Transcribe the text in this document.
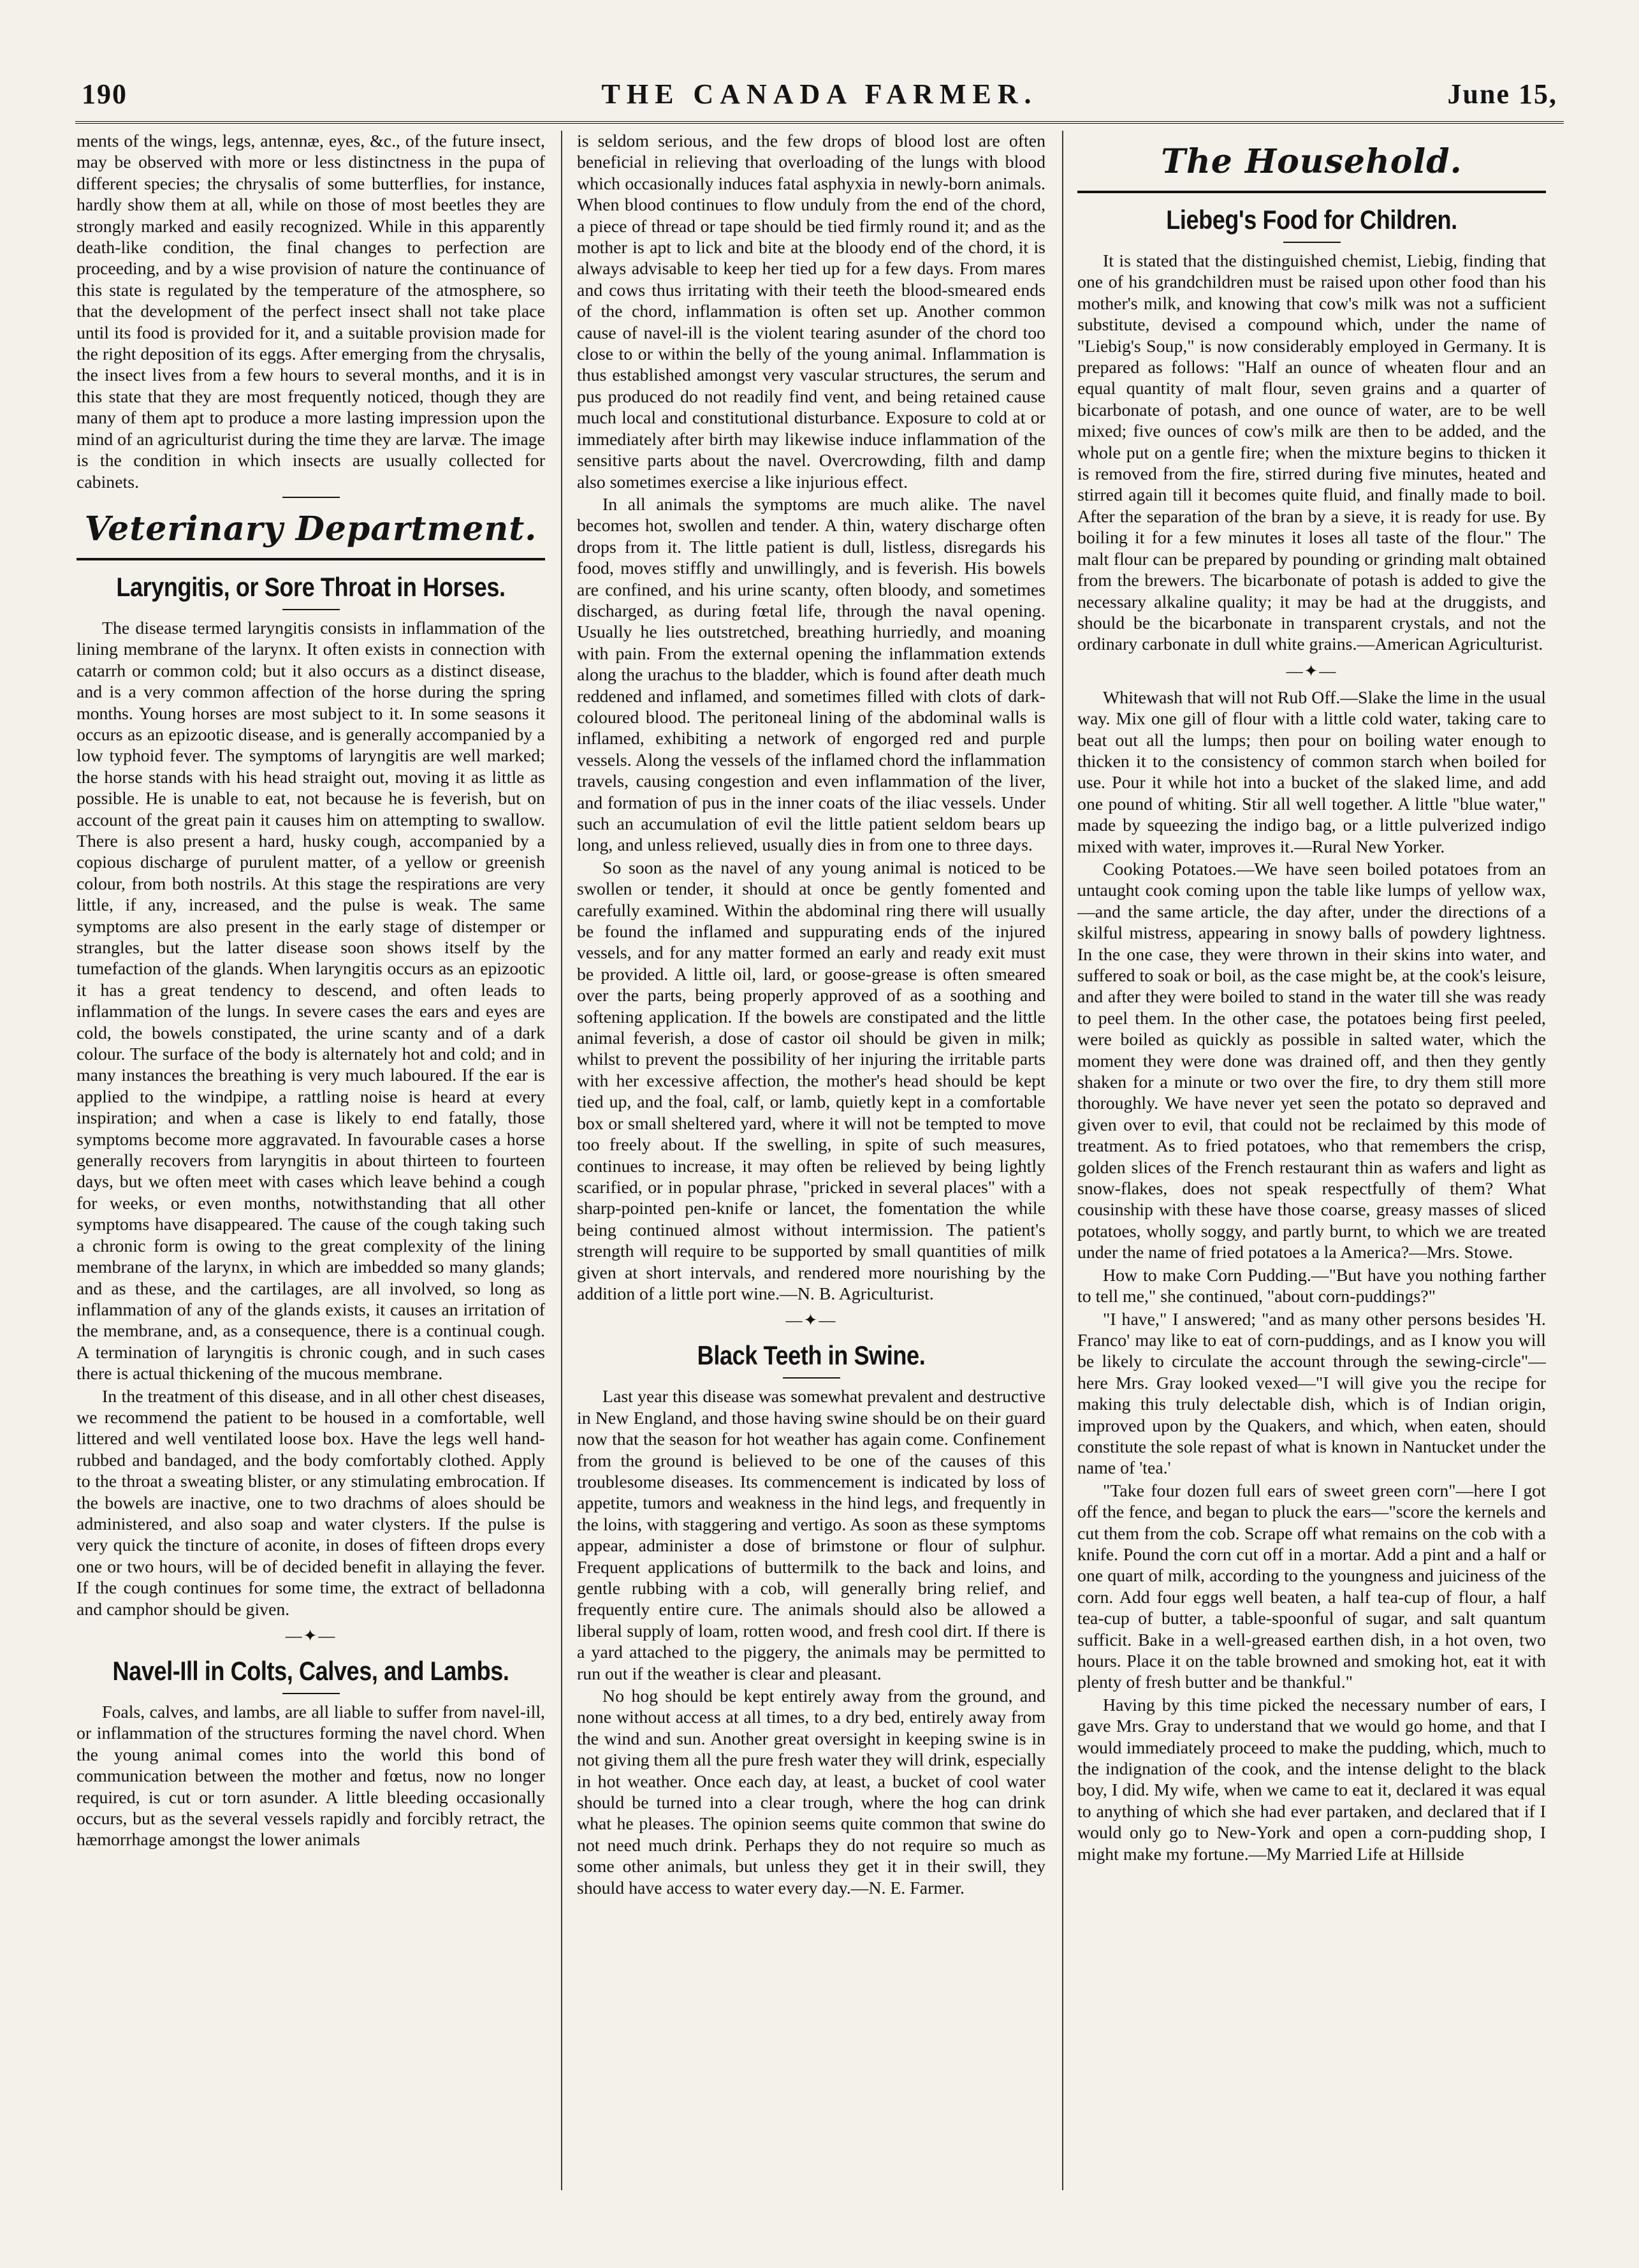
THE CANADA FARMER.
190	June 15,

ments of the wings, legs, antennæ, eyes, &c., of the future insect, may be observed with more or less distinctness in the pupa of different species; the chrysalis of some butterflies, for instance, hardly show them at all, while on those of most beetles they are strongly marked and easily recognized. While in this apparently death-like condition, the final changes to perfection are proceeding, and by a wise provision of nature the continuance of this state is regulated by the temperature of the atmosphere, so that the development of the perfect insect shall not take place until its food is provided for it, and a suitable provision made for the right deposition of its eggs. After emerging from the chrysalis, the insect lives from a few hours to several months, and it is in this state that they are most frequently noticed, though they are many of them apt to produce a more lasting impression upon the mind of an agriculturist during the time they are larvæ. The image is the condition in which insects are usually collected for cabinets.

Veterinary Department.
Laryngitis, or Sore Throat in Horses.

The disease termed laryngitis consists in inflammation of the lining membrane of the larynx. It often exists in connection with catarrh or common cold; but it also occurs as a distinct disease, and is a very common affection of the horse during the spring months. Young horses are most subject to it. In some seasons it occurs as an epizootic disease, and is generally accompanied by a low typhoid fever. The symptoms of laryngitis are well marked; the horse stands with his head straight out, moving it as little as possible. He is unable to eat, not because he is feverish, but on account of the great pain it causes him on attempting to swallow. There is also present a hard, husky cough, accompanied by a copious discharge of purulent matter, of a yellow or greenish colour, from both nostrils. At this stage the respirations are very little, if any, increased, and the pulse is weak. The same symptoms are also present in the early stage of distemper or strangles, but the latter disease soon shows itself by the tumefaction of the glands. When laryngitis occurs as an epizootic it has a great tendency to descend, and often leads to inflammation of the lungs. In severe cases the ears and eyes are cold, the bowels constipated, the urine scanty and of a dark colour. The surface of the body is alternately hot and cold; and in many instances the breathing is very much laboured. If the ear is applied to the windpipe, a rattling noise is heard at every inspiration; and when a case is likely to end fatally, those symptoms become more aggravated. In favourable cases a horse generally recovers from laryngitis in about thirteen to fourteen days, but we often meet with cases which leave behind a cough for weeks, or even months, notwithstanding that all other symptoms have disappeared. The cause of the cough taking such a chronic form is owing to the great complexity of the lining membrane of the larynx, in which are imbedded so many glands; and as these, and the cartilages, are all involved, so long as inflammation of any of the glands exists, it causes an irritation of the membrane, and, as a consequence, there is a continual cough. A termination of laryngitis is chronic cough, and in such cases there is actual thickening of the mucous membrane.

In the treatment of this disease, and in all other chest diseases, we recommend the patient to be housed in a comfortable, well littered and well ventilated loose box. Have the legs well hand-rubbed and bandaged, and the body comfortably clothed. Apply to the throat a sweating blister, or any stimulating embrocation. If the bowels are inactive, one to two drachms of aloes should be administered, and also soap and water clysters. If the pulse is very quick the tincture of aconite, in doses of fifteen drops every one or two hours, will be of decided benefit in allaying the fever. If the cough continues for some time, the extract of belladonna and camphor should be given.

—✦—
Navel-Ill in Colts, Calves, and Lambs.

Foals, calves, and lambs, are all liable to suffer from navel-ill, or inflammation of the structures forming the navel chord. When the young animal comes into the world this bond of communication between the mother and fœtus, now no longer required, is cut or torn asunder. A little bleeding occasionally occurs, but as the several vessels rapidly and forcibly retract, the hæmorrhage amongst the lower animals

is seldom serious, and the few drops of blood lost are often beneficial in relieving that overloading of the lungs with blood which occasionally induces fatal asphyxia in newly-born animals. When blood continues to flow unduly from the end of the chord, a piece of thread or tape should be tied firmly round it; and as the mother is apt to lick and bite at the bloody end of the chord, it is always advisable to keep her tied up for a few days. From mares and cows thus irritating with their teeth the blood-smeared ends of the chord, inflammation is often set up. Another common cause of navel-ill is the violent tearing asunder of the chord too close to or within the belly of the young animal. Inflammation is thus established amongst very vascular structures, the serum and pus produced do not readily find vent, and being retained cause much local and constitutional disturbance. Exposure to cold at or immediately after birth may likewise induce inflammation of the sensitive parts about the navel. Overcrowding, filth and damp also sometimes exercise a like injurious effect.

In all animals the symptoms are much alike. The navel becomes hot, swollen and tender. A thin, watery discharge often drops from it. The little patient is dull, listless, disregards his food, moves stiffly and unwillingly, and is feverish. His bowels are confined, and his urine scanty, often bloody, and sometimes discharged, as during fœtal life, through the naval opening. Usually he lies outstretched, breathing hurriedly, and moaning with pain. From the external opening the inflammation extends along the urachus to the bladder, which is found after death much reddened and inflamed, and sometimes filled with clots of dark-coloured blood. The peritoneal lining of the abdominal walls is inflamed, exhibiting a network of engorged red and purple vessels. Along the vessels of the inflamed chord the inflammation travels, causing congestion and even inflammation of the liver, and formation of pus in the inner coats of the iliac vessels. Under such an accumulation of evil the little patient seldom bears up long, and unless relieved, usually dies in from one to three days.

So soon as the navel of any young animal is noticed to be swollen or tender, it should at once be gently fomented and carefully examined. Within the abdominal ring there will usually be found the inflamed and suppurating ends of the injured vessels, and for any matter formed an early and ready exit must be provided. A little oil, lard, or goose-grease is often smeared over the parts, being properly approved of as a soothing and softening application. If the bowels are constipated and the little animal feverish, a dose of castor oil should be given in milk; whilst to prevent the possibility of her injuring the irritable parts with her excessive affection, the mother's head should be kept tied up, and the foal, calf, or lamb, quietly kept in a comfortable box or small sheltered yard, where it will not be tempted to move too freely about. If the swelling, in spite of such measures, continues to increase, it may often be relieved by being lightly scarified, or in popular phrase, "pricked in several places" with a sharp-pointed pen-knife or lancet, the fomentation the while being continued almost without intermission. The patient's strength will require to be supported by small quantities of milk given at short intervals, and rendered more nourishing by the addition of a little port wine.—N. B. Agriculturist.

—✦—
Black Teeth in Swine.

Last year this disease was somewhat prevalent and destructive in New England, and those having swine should be on their guard now that the season for hot weather has again come. Confinement from the ground is believed to be one of the causes of this troublesome diseases. Its commencement is indicated by loss of appetite, tumors and weakness in the hind legs, and frequently in the loins, with staggering and vertigo. As soon as these symptoms appear, administer a dose of brimstone or flour of sulphur. Frequent applications of buttermilk to the back and loins, and gentle rubbing with a cob, will generally bring relief, and frequently entire cure. The animals should also be allowed a liberal supply of loam, rotten wood, and fresh cool dirt. If there is a yard attached to the piggery, the animals may be permitted to run out if the weather is clear and pleasant.

No hog should be kept entirely away from the ground, and none without access at all times, to a dry bed, entirely away from the wind and sun. Another great oversight in keeping swine is in not giving them all the pure fresh water they will drink, especially in hot weather. Once each day, at least, a bucket of cool water should be turned into a clear trough, where the hog can drink what he pleases. The opinion seems quite common that swine do not need much drink. Perhaps they do not require so much as some other animals, but unless they get it in their swill, they should have access to water every day.—N. E. Farmer.

The Household.
Liebeg's Food for Children.

It is stated that the distinguished chemist, Liebig, finding that one of his grandchildren must be raised upon other food than his mother's milk, and knowing that cow's milk was not a sufficient substitute, devised a compound which, under the name of "Liebig's Soup," is now considerably employed in Germany. It is prepared as follows: "Half an ounce of wheaten flour and an equal quantity of malt flour, seven grains and a quarter of bicarbonate of potash, and one ounce of water, are to be well mixed; five ounces of cow's milk are then to be added, and the whole put on a gentle fire; when the mixture begins to thicken it is removed from the fire, stirred during five minutes, heated and stirred again till it becomes quite fluid, and finally made to boil. After the separation of the bran by a sieve, it is ready for use. By boiling it for a few minutes it loses all taste of the flour." The malt flour can be prepared by pounding or grinding malt obtained from the brewers. The bicarbonate of potash is added to give the necessary alkaline quality; it may be had at the druggists, and should be the bicarbonate in transparent crystals, and not the ordinary carbonate in dull white grains.—American Agriculturist.

—✦—

Whitewash that will not Rub Off.—Slake the lime in the usual way. Mix one gill of flour with a little cold water, taking care to beat out all the lumps; then pour on boiling water enough to thicken it to the consistency of common starch when boiled for use. Pour it while hot into a bucket of the slaked lime, and add one pound of whiting. Stir all well together. A little "blue water," made by squeezing the indigo bag, or a little pulverized indigo mixed with water, improves it.—Rural New Yorker.

Cooking Potatoes.—We have seen boiled potatoes from an untaught cook coming upon the table like lumps of yellow wax,—and the same article, the day after, under the directions of a skilful mistress, appearing in snowy balls of powdery lightness. In the one case, they were thrown in their skins into water, and suffered to soak or boil, as the case might be, at the cook's leisure, and after they were boiled to stand in the water till she was ready to peel them. In the other case, the potatoes being first peeled, were boiled as quickly as possible in salted water, which the moment they were done was drained off, and then they gently shaken for a minute or two over the fire, to dry them still more thoroughly. We have never yet seen the potato so depraved and given over to evil, that could not be reclaimed by this mode of treatment. As to fried potatoes, who that remembers the crisp, golden slices of the French restaurant thin as wafers and light as snow-flakes, does not speak respectfully of them? What cousinship with these have those coarse, greasy masses of sliced potatoes, wholly soggy, and partly burnt, to which we are treated under the name of fried potatoes a la America?—Mrs. Stowe.

How to make Corn Pudding.—"But have you nothing farther to tell me," she continued, "about corn-puddings?"

"I have," I answered; "and as many other persons besides 'H. Franco' may like to eat of corn-puddings, and as I know you will be likely to circulate the account through the sewing-circle"—here Mrs. Gray looked vexed—"I will give you the recipe for making this truly delectable dish, which is of Indian origin, improved upon by the Quakers, and which, when eaten, should constitute the sole repast of what is known in Nantucket under the name of 'tea.'

"Take four dozen full ears of sweet green corn"—here I got off the fence, and began to pluck the ears—"score the kernels and cut them from the cob. Scrape off what remains on the cob with a knife. Pound the corn cut off in a mortar. Add a pint and a half or one quart of milk, according to the youngness and juiciness of the corn. Add four eggs well beaten, a half tea-cup of flour, a half tea-cup of butter, a table-spoonful of sugar, and salt quantum sufficit. Bake in a well-greased earthen dish, in a hot oven, two hours. Place it on the table browned and smoking hot, eat it with plenty of fresh butter and be thankful."

Having by this time picked the necessary number of ears, I gave Mrs. Gray to understand that we would go home, and that I would immediately proceed to make the pudding, which, much to the indignation of the cook, and the intense delight to the black boy, I did. My wife, when we came to eat it, declared it was equal to anything of which she had ever partaken, and declared that if I would only go to New-York and open a corn-pudding shop, I might make my fortune.—My Married Life at Hillside
